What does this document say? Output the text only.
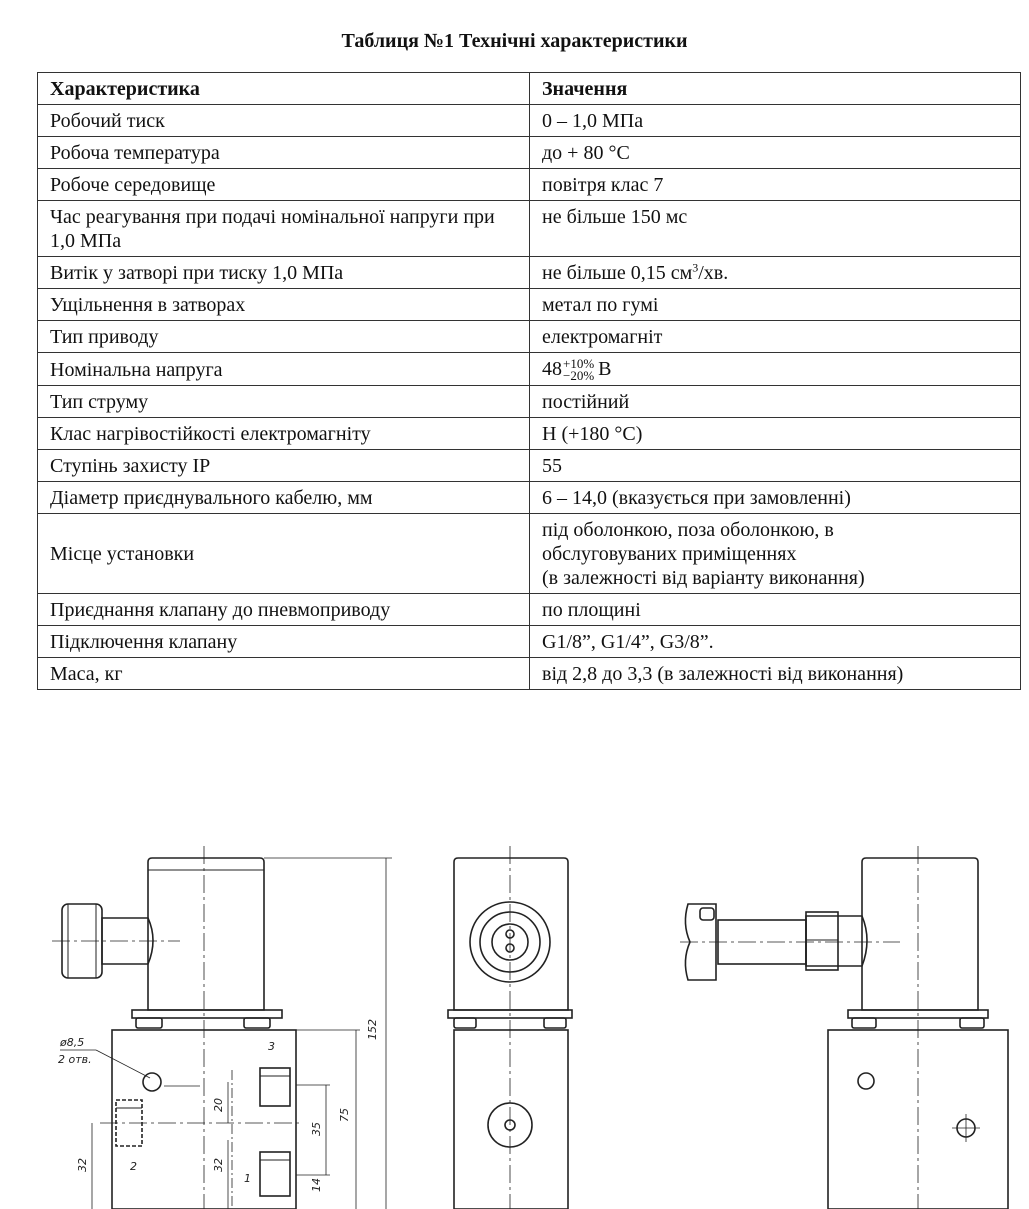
Таблиця №1 Технічні характеристики
Характеристика	Значення
Робочий тиск	0 – 1,0 МПа
Робоча температура	до + 80 °С
Робоче середовище	повітря клас 7
Час реагування при подачі номінальної напруги при 1,0 МПа	не більше 150 мс
Витік у затворі при тиску 1,0 МПа	не більше 0,15 $см^3/хв$.
Ущільнення в затворах	метал по гумі
Тип приводу	електромагніт
Номінальна напруга	48 +10%
−20% В
Тип струму	постійний
Клас нагрівостійкості електромагніту	Н (+180 °С)
Ступінь захисту IP	55
Діаметр приєднувального кабелю, мм	6 – 14,0 (вказується при замовленні)
Місце установки	під оболонкою, поза оболонкою, в
обслуговуваних приміщеннях
(в залежності від варіанту виконання)

Приєднання клапану до пневмоприводу	по площині
Підключення клапану	G1/8”, G1/4”, G3/8”.
Маса, кг	від 2,8 до 3,3 (в залежності від виконання)
ø8,5
2 отв.
3
2
1
152
75
35
20
32
32
14
